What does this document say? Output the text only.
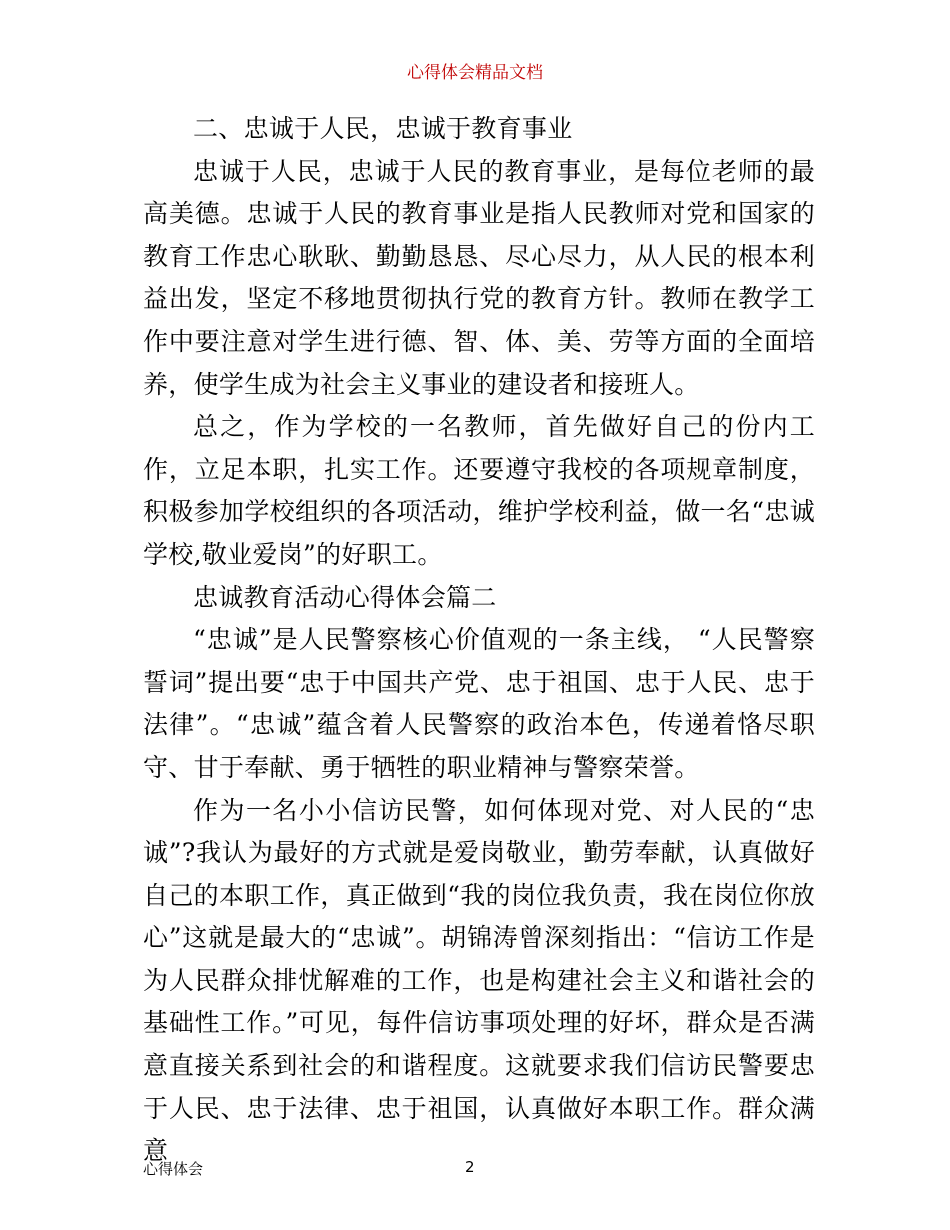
心得体会精品文档

二、忠诚于人民，忠诚于教育事业

忠诚于人民，忠诚于人民的教育事业，是每位老师的最高美德。忠诚于人民的教育事业是指人民教师对党和国家的教育工作忠心耿耿、勤勤恳恳、尽心尽力，从人民的根本利益出发，坚定不移地贯彻执行党的教育方针。教师在教学工作中要注意对学生进行德、智、体、美、劳等方面的全面培养，使学生成为社会主义事业的建设者和接班人。

总之，作为学校的一名教师，首先做好自己的份内工作，立足本职，扎实工作。还要遵守我校的各项规章制度，积极参加学校组织的各项活动，维护学校利益，做一名“忠诚学校,敬业爱岗”的好职工。

忠诚教育活动心得体会篇二

“忠诚”是人民警察核心价值观的一条主线， “人民警察誓词”提出要“忠于中国共产党、忠于祖国、忠于人民、忠于法律”。“忠诚”蕴含着人民警察的政治本色，传递着恪尽职守、甘于奉献、勇于牺牲的职业精神与警察荣誉。

作为一名小小信访民警，如何体现对党、对人民的“忠诚”?我认为最好的方式就是爱岗敬业，勤劳奉献，认真做好自己的本职工作，真正做到“我的岗位我负责，我在岗位你放心”这就是最大的“忠诚”。胡锦涛曾深刻指出：“信访工作是为人民群众排忧解难的工作，也是构建社会主义和谐社会的基础性工作。”可见，每件信访事项处理的好坏，群众是否满意直接关系到社会的和谐程度。这就要求我们信访民警要忠于人民、忠于法律、忠于祖国，认真做好本职工作。群众满意

心得体会	2
